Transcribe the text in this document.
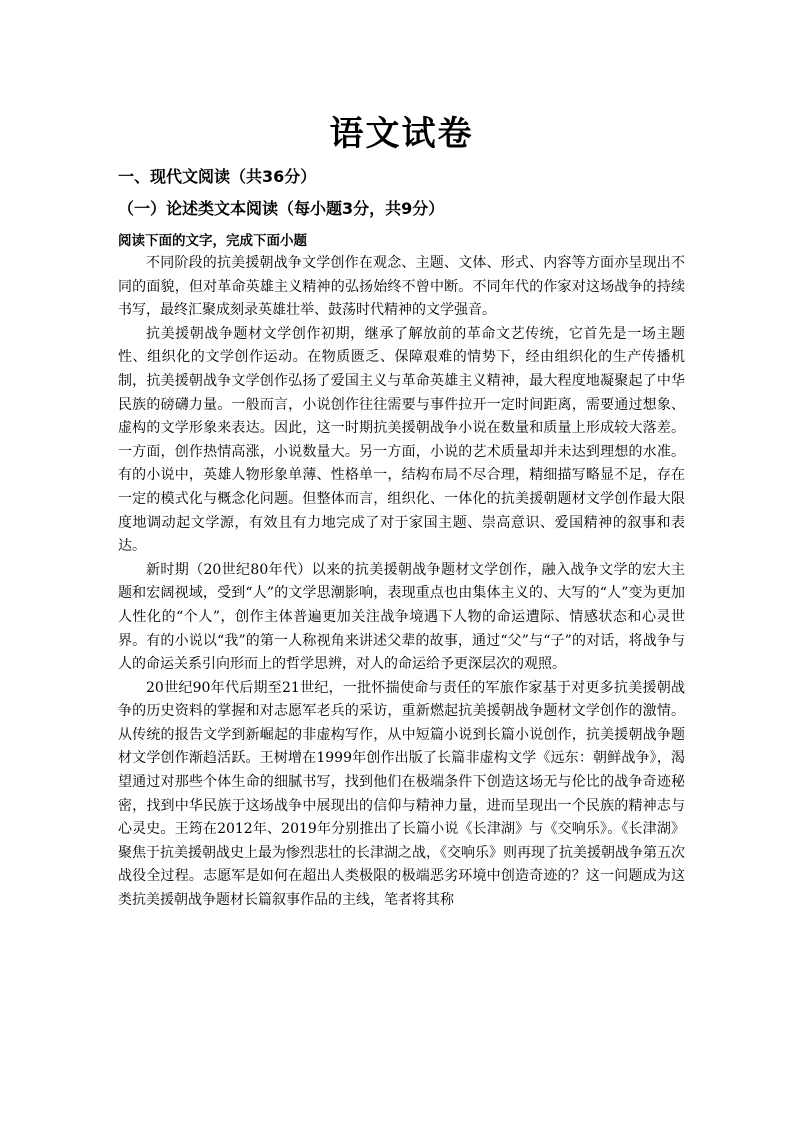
语文试卷
一、现代文阅读（共36分）
（一）论述类文本阅读（每小题3分，共9分）
阅读下面的文字，完成下面小题

不同阶段的抗美援朝战争文学创作在观念、主题、文体、形式、内容等方面亦呈现出不同的面貌，但对革命英雄主义精神的弘扬始终不曾中断。不同年代的作家对这场战争的持续书写，最终汇聚成刻录英雄壮举、鼓荡时代精神的文学强音。

抗美援朝战争题材文学创作初期，继承了解放前的革命文艺传统，它首先是一场主题性、组织化的文学创作运动。在物质匮乏、保障艰难的情势下，经由组织化的生产传播机制，抗美援朝战争文学创作弘扬了爱国主义与革命英雄主义精神，最大程度地凝聚起了中华民族的磅礴力量。一般而言，小说创作往往需要与事件拉开一定时间距离，需要通过想象、虚构的文学形象来表达。因此，这一时期抗美援朝战争小说在数量和质量上形成较大落差。一方面，创作热情高涨，小说数量大。另一方面，小说的艺术质量却并未达到理想的水准。有的小说中，英雄人物形象单薄、性格单一，结构布局不尽合理，精细描写略显不足，存在一定的模式化与概念化问题。但整体而言，组织化、一体化的抗美援朝题材文学创作最大限度地调动起文学源，有效且有力地完成了对于家国主题、崇高意识、爱国精神的叙事和表达。

新时期（20世纪80年代）以来的抗美援朝战争题材文学创作，融入战争文学的宏大主题和宏阔视域，受到“人”的文学思潮影响，表现重点也由集体主义的、大写的“人”变为更加人性化的“个人”，创作主体普遍更加关注战争境遇下人物的命运遭际、情感状态和心灵世界。有的小说以“我”的第一人称视角来讲述父辈的故事，通过“父”与“子”的对话，将战争与人的命运关系引向形而上的哲学思辨，对人的命运给予更深层次的观照。

20世纪90年代后期至21世纪，一批怀揣使命与责任的军旅作家基于对更多抗美援朝战争的历史资料的掌握和对志愿军老兵的采访，重新燃起抗美援朝战争题材文学创作的激情。从传统的报告文学到新崛起的非虚构写作，从中短篇小说到长篇小说创作，抗美援朝战争题材文学创作渐趋活跃。王树增在1999年创作出版了长篇非虚构文学《远东：朝鲜战争》，渴望通过对那些个体生命的细腻书写，找到他们在极端条件下创造这场无与伦比的战争奇迹秘密，找到中华民族于这场战争中展现出的信仰与精神力量，进而呈现出一个民族的精神志与心灵史。王筠在2012年、2019年分别推出了长篇小说《长津湖》与《交响乐》。《长津湖》聚焦于抗美援朝战史上最为惨烈悲壮的长津湖之战，《交响乐》则再现了抗美援朝战争第五次战役全过程。志愿军是如何在超出人类极限的极端恶劣环境中创造奇迹的？这一问题成为这类抗美援朝战争题材长篇叙事作品的主线，笔者将其称
